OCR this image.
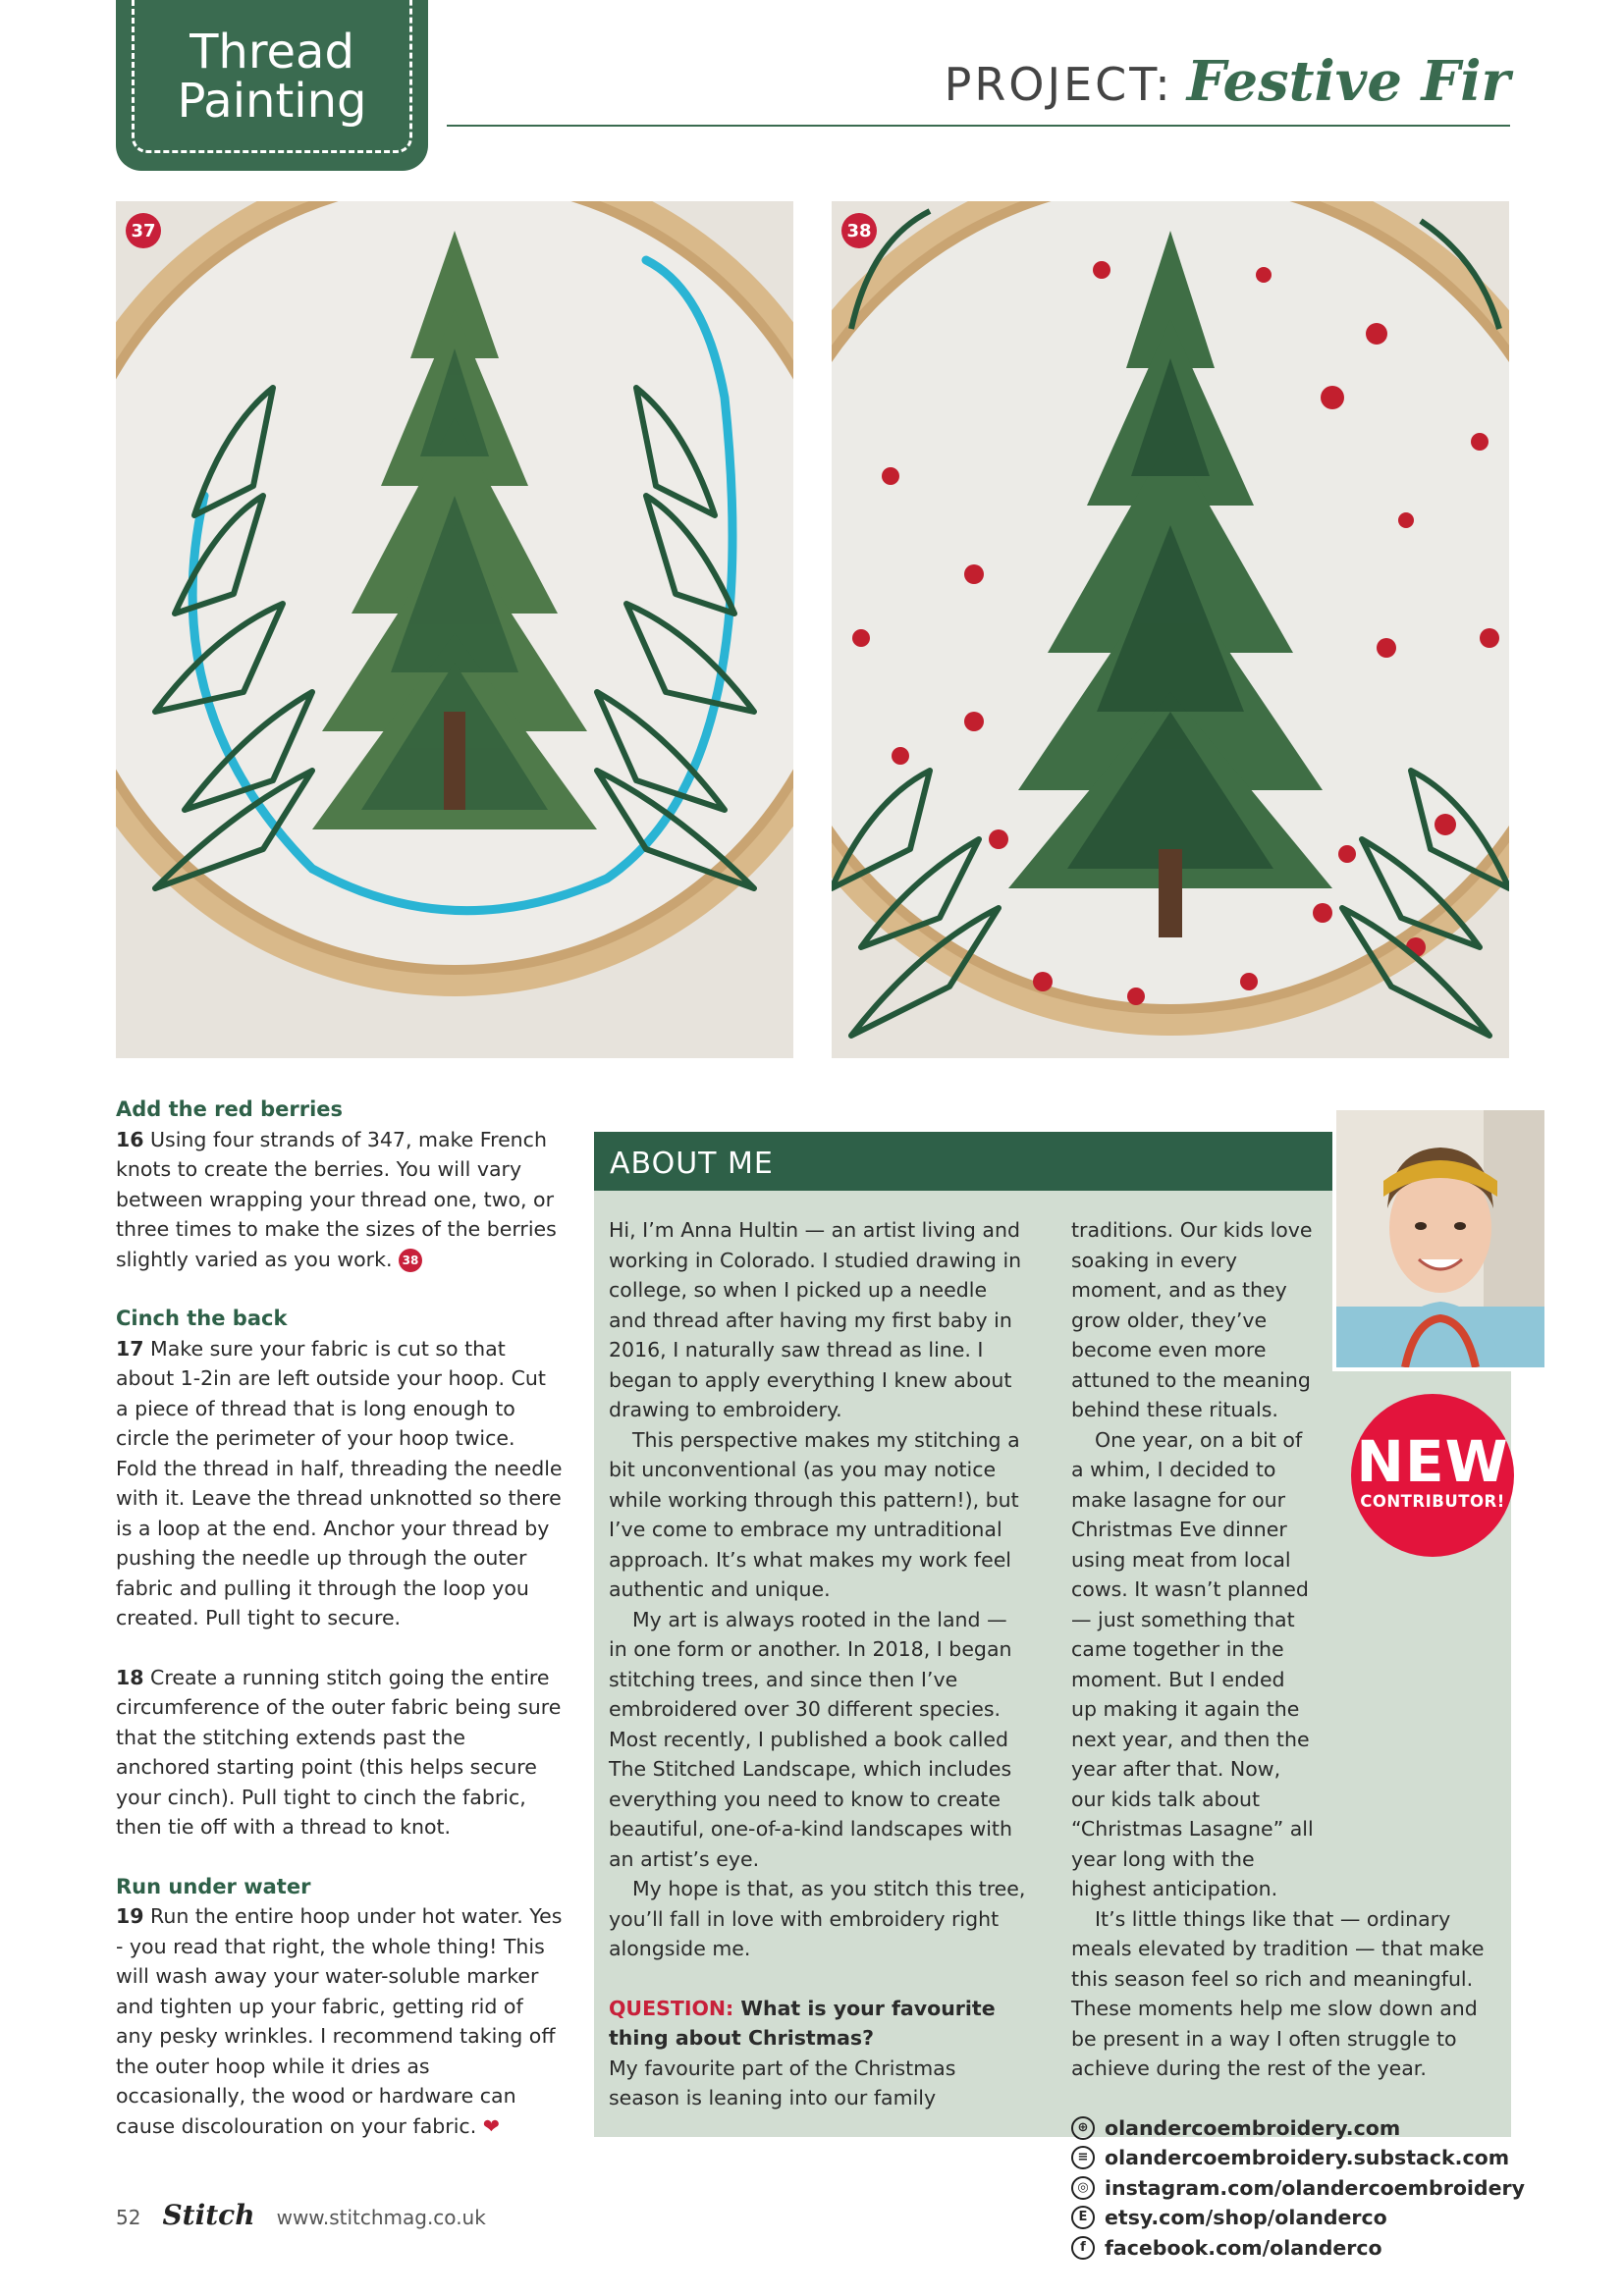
Thread
Painting	PROJECT: Festive Fir
37	38
Add the red berries

16 Using four strands of 347, make French knots to create the berries. You will vary between wrapping your thread one, two, or three times to make the sizes of the berries slightly varied as you work. 38

Cinch the back

17 Make sure your fabric is cut so that about 1-2in are left outside your hoop. Cut a piece of thread that is long enough to circle the perimeter of your hoop twice. Fold the thread in half, threading the needle with it. Leave the thread unknotted so there is a loop at the end. Anchor your thread by pushing the needle up through the outer fabric and pulling it through the loop you created. Pull tight to secure.

18 Create a running stitch going the entire circumference of the outer fabric being sure that the stitching extends past the anchored starting point (this helps secure your cinch). Pull tight to cinch the fabric, then tie off with a thread to knot.

Run under water

19 Run the entire hoop under hot water. Yes - you read that right, the whole thing! This will wash away your water-soluble marker and tighten up your fabric, getting rid of any pesky wrinkles. I recommend taking off the outer hoop while it dries as occasionally, the wood or hardware can cause discolouration on your fabric. ❤

ABOUT ME

Hi, I’m Anna Hultin — an artist living and working in Colorado. I studied drawing in college, so when I picked up a needle and thread after having my first baby in 2016, I naturally saw thread as line. I began to apply everything I knew about drawing to embroidery.

This perspective makes my stitching a bit unconventional (as you may notice while working through this pattern!), but I’ve come to embrace my untraditional approach. It’s what makes my work feel authentic and unique.

My art is always rooted in the land — in one form or another. In 2018, I began stitching trees, and since then I’ve embroidered over 30 different species. Most recently, I published a book called The Stitched Landscape, which includes everything you need to know to create beautiful, one-of-a-kind landscapes with an artist’s eye.

My hope is that, as you stitch this tree, you’ll fall in love with embroidery right alongside me.

QUESTION: What is your favourite thing about Christmas?

My favourite part of the Christmas season is leaning into our family

traditions. Our kids love soaking in every moment, and as they grow older, they’ve become even more attuned to the meaning behind these rituals.

One year, on a bit of a whim, I decided to make lasagne for our Christmas Eve dinner using meat from local cows. It wasn’t planned — just something that came together in the moment. But I ended up making it again the next year, and then the year after that. Now, our kids talk about “Christmas Lasagne” all year long with the highest anticipation.

It’s little things like that — ordinary meals elevated by tradition — that make this season feel so rich and meaningful. These moments help me slow down and be present in a way I often struggle to achieve during the rest of the year.

⊕ olandercoembroidery.com
≡ olandercoembroidery.substack.com
◎ instagram.com/olandercoembroidery
E etsy.com/shop/olanderco
f facebook.com/olanderco
NEW
CONTRIBUTOR!
52 Stitch www.stitchmag.co.uk
